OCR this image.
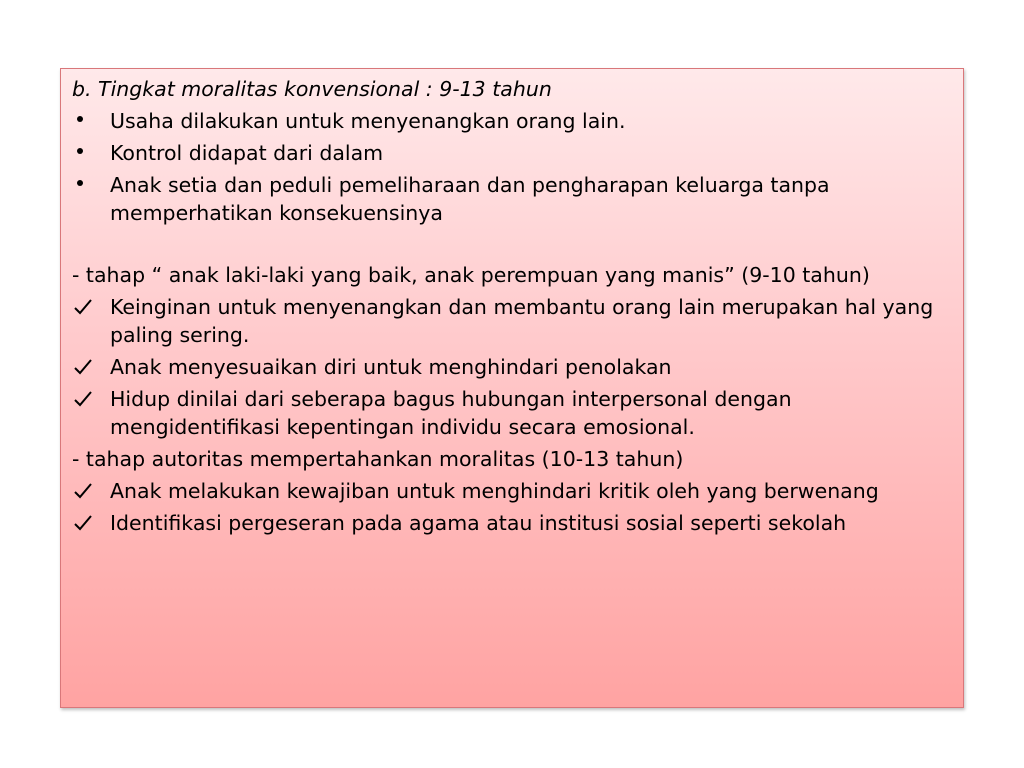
b. Tingkat moralitas konvensional : 9-13 tahun

Usaha dilakukan untuk menyenangkan orang lain.
Kontrol didapat dari dalam
Anak setia dan peduli pemeliharaan dan pengharapan keluarga tanpa memperhatikan konsekuensinya

- tahap “ anak laki-laki yang baik, anak perempuan yang manis” (9-10 tahun)

Keinginan untuk menyenangkan dan membantu orang lain merupakan hal yang paling sering.
Anak menyesuaikan diri untuk menghindari penolakan
Hidup dinilai dari seberapa bagus hubungan interpersonal dengan mengidentifikasi kepentingan individu secara emosional.

- tahap autoritas mempertahankan moralitas (10-13 tahun)

Anak melakukan kewajiban untuk menghindari kritik oleh yang berwenang
Identifikasi pergeseran pada agama atau institusi sosial seperti sekolah
